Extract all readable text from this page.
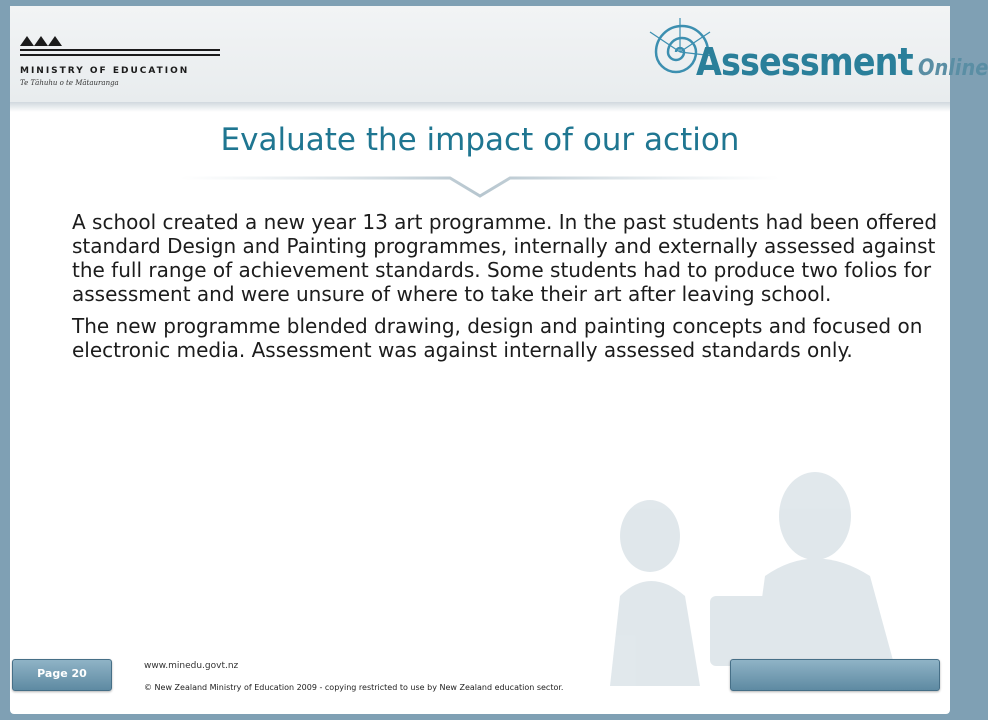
MINISTRY OF EDUCATION
Te Tāhuhu o te Mātauranga	Assessment Online
Evaluate the impact of our action

A school created a new year 13 art programme. In the past students had been offered standard Design and Painting programmes, internally and externally assessed against the full range of achievement standards. Some students had to produce two folios for assessment and were unsure of where to take their art after leaving school.

The new programme blended drawing, design and painting concepts and focused on electronic media. Assessment was against internally assessed standards only.

www.minedu.govt.nz
© New Zealand Ministry of Education 2009 - copying restricted to use by New Zealand education sector.
Page 20
